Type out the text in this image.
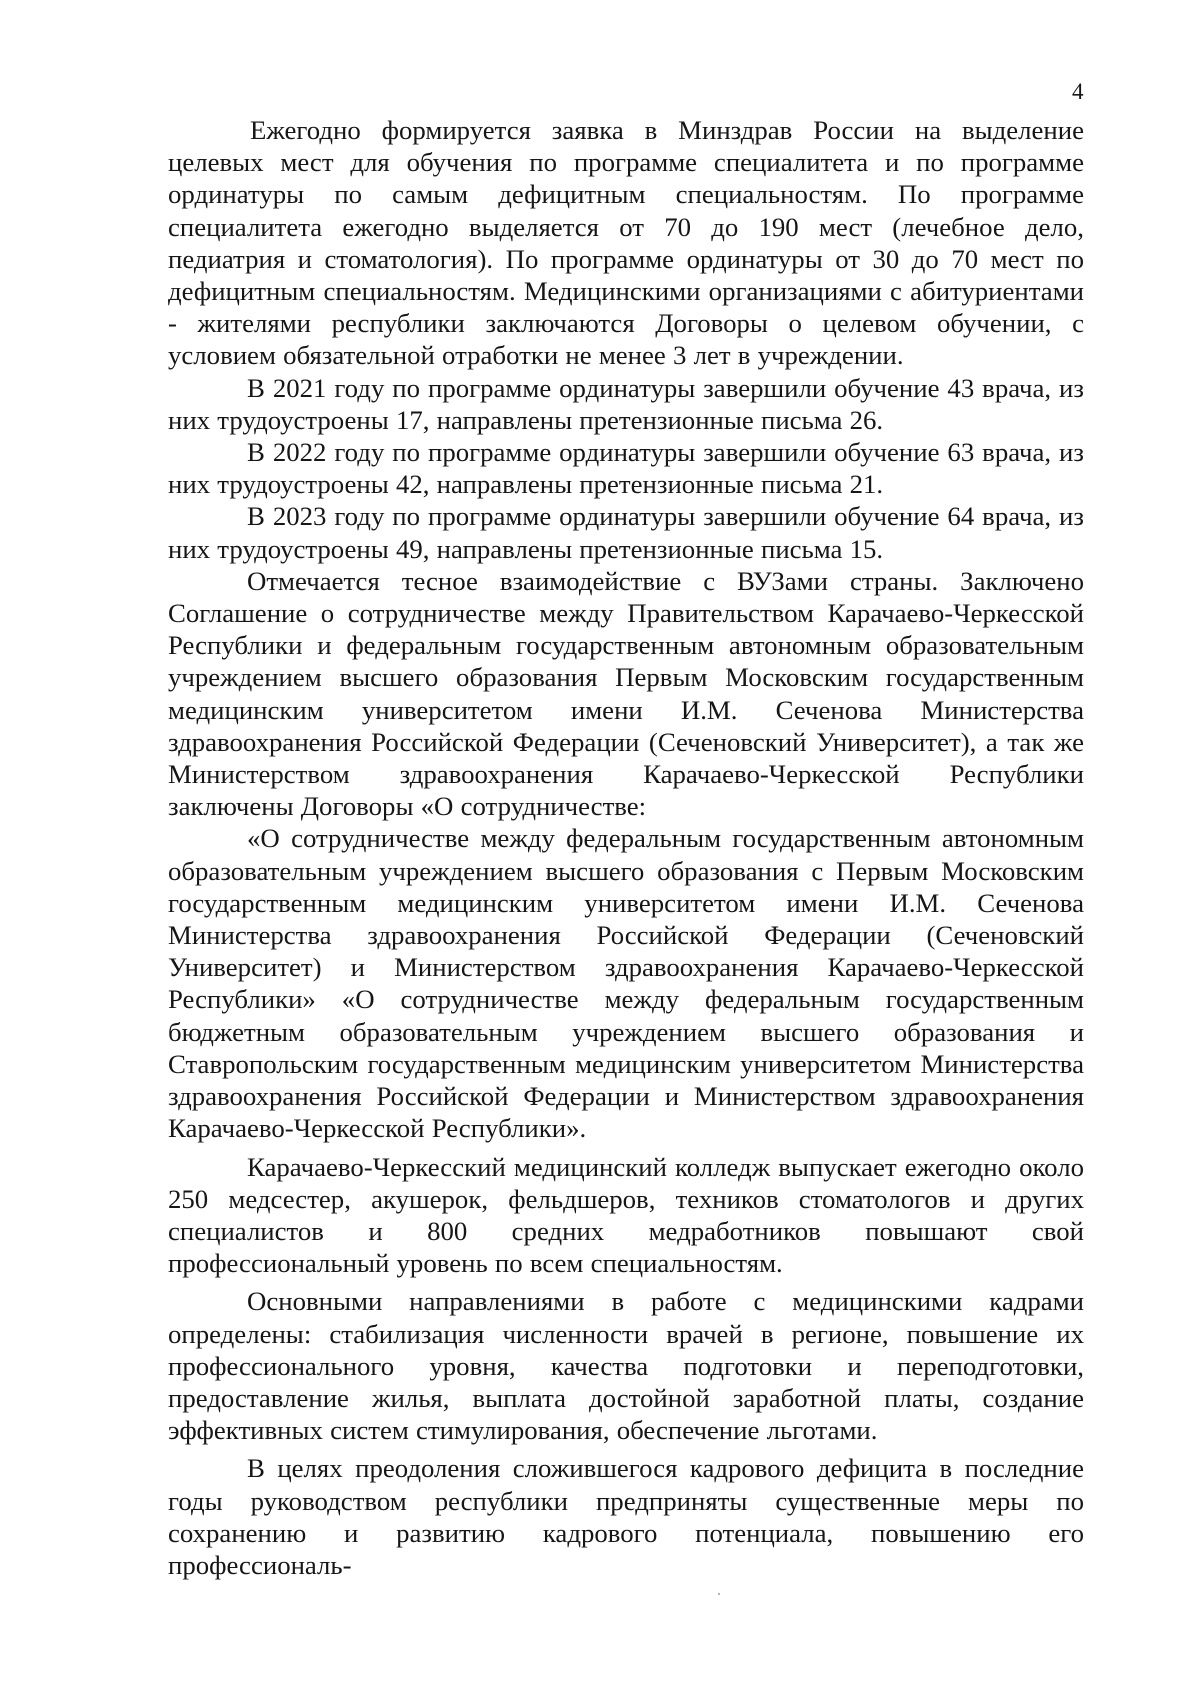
4

Ежегодно формируется заявка в Минздрав России на выделение целевых мест для обучения по программе специалитета и по программе ординатуры по самым дефицитным специальностям. По программе специалитета ежегодно выделяется от 70 до 190 мест (лечебное дело, педиатрия и стоматология). По программе ординатуры от 30 до 70 мест по дефицитным специальностям. Медицинскими организациями с абитуриентами - жителями республики заключаются Договоры о целевом обучении, с условием обязательной отработки не менее 3 лет в учреждении.

В 2021 году по программе ординатуры завершили обучение 43 врача, из них трудоустроены 17, направлены претензионные письма 26.

В 2022 году по программе ординатуры завершили обучение 63 врача, из них трудоустроены 42, направлены претензионные письма 21.

В 2023 году по программе ординатуры завершили обучение 64 врача, из них трудоустроены 49, направлены претензионные письма 15.

Отмечается тесное взаимодействие с ВУЗами страны. Заключено Соглашение о сотрудничестве между Правительством Карачаево-Черкесской Республики и федеральным государственным автономным образовательным учреждением высшего образования Первым Московским государственным медицинским университетом имени И.М. Сеченова Министерства здравоохранения Российской Федерации (Сеченовский Университет), а так же Министерством здравоохранения Карачаево-Черкесской Республики заключены Договоры «О сотрудничестве:

«О сотрудничестве между федеральным государственным автономным образовательным учреждением высшего образования с Первым Московским государственным медицинским университетом имени И.М. Сеченова Министерства здравоохранения Российской Федерации (Сеченовский Университет) и Министерством здравоохранения Карачаево-Черкесской Республики» «О сотрудничестве между федеральным государственным бюджетным образовательным учреждением высшего образования и Ставропольским государственным медицинским университетом Министерства здравоохранения Российской Федерации и Министерством здравоохранения Карачаево-Черкесской Республики».

Карачаево-Черкесский медицинский колледж выпускает ежегодно около 250 медсестер, акушерок, фельдшеров, техников стоматологов и других специалистов и 800 средних медработников повышают свой профессиональный уровень по всем специальностям.

Основными направлениями в работе с медицинскими кадрами определены: стабилизация численности врачей в регионе, повышение их профессионального уровня, качества подготовки и переподготовки, предоставление жилья, выплата достойной заработной платы, создание эффективных систем стимулирования, обеспечение льготами.

В целях преодоления сложившегося кадрового дефицита в последние годы руководством республики предприняты существенные меры по сохранению и развитию кадрового потенциала, повышению его профессиональ-
